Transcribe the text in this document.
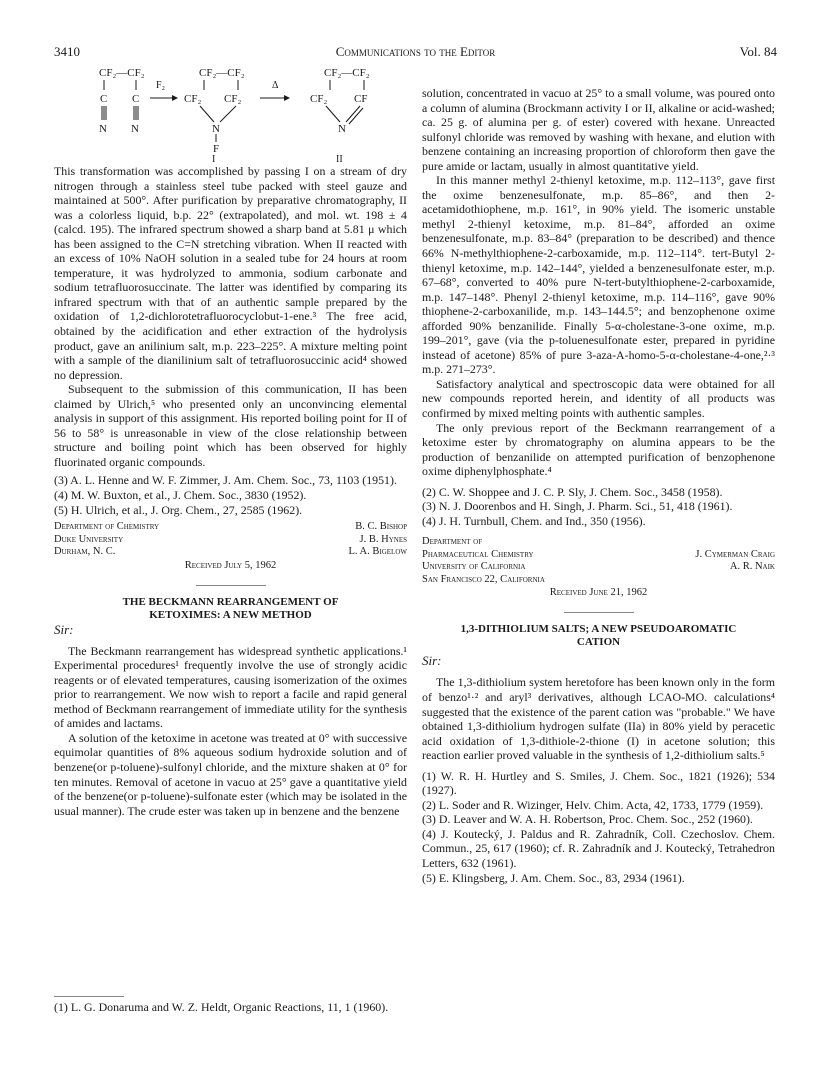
3410	Communications to the Editor	Vol. 84
CF₂—CF₂
C C
N N
F₂
CF₂—CF₂
CF₂ CF₂
N
F
I
Δ
CF₂—CF₂
CF₂ CF
N
II

This transformation was accomplished by passing I on a stream of dry nitrogen through a stainless steel tube packed with steel gauze and maintained at 500°. After purification by preparative chromatography, II was a colorless liquid, b.p. 22° (extrapolated), and mol. wt. 198 ± 4 (calcd. 195). The infrared spectrum showed a sharp band at 5.81 μ which has been assigned to the C=N stretching vibration. When II reacted with an excess of 10% NaOH solution in a sealed tube for 24 hours at room temperature, it was hydrolyzed to ammonia, sodium carbonate and sodium tetrafluorosuccinate. The latter was identified by comparing its infrared spectrum with that of an authentic sample prepared by the oxidation of 1,2-dichlorotetrafluorocyclobut-1-ene.³ The free acid, obtained by the acidification and ether extraction of the hydrolysis product, gave an anilinium salt, m.p. 223–225°. A mixture melting point with a sample of the dianilinium salt of tetrafluorosuccinic acid⁴ showed no depression.

Subsequent to the submission of this communication, II has been claimed by Ulrich,⁵ who presented only an unconvincing elemental analysis in support of this assignment. His reported boiling point for II of 56 to 58° is unreasonable in view of the close relationship between structure and boiling point which has been observed for highly fluorinated organic compounds.

(3) A. L. Henne and W. F. Zimmer, J. Am. Chem. Soc., 73, 1103 (1951).

(4) M. W. Buxton, et al., J. Chem. Soc., 3830 (1952).

(5) H. Ulrich, et al., J. Org. Chem., 27, 2585 (1962).

Department of Chemistry	B. C. Bishop
Duke University	J. B. Hynes
Durham, N. C.	L. A. Bigelow
Received July 5, 1962
THE BECKMANN REARRANGEMENT OF
KETOXIMES: A NEW METHOD
Sir:

The Beckmann rearrangement has widespread synthetic applications.¹ Experimental procedures¹ frequently involve the use of strongly acidic reagents or of elevated temperatures, causing isomerization of the oximes prior to rearrangement. We now wish to report a facile and rapid general method of Beckmann rearrangement of immediate utility for the synthesis of amides and lactams.

A solution of the ketoxime in acetone was treated at 0° with successive equimolar quantities of 8% aqueous sodium hydroxide solution and of benzene(or p-toluene)-sulfonyl chloride, and the mixture shaken at 0° for ten minutes. Removal of acetone in vacuo at 25° gave a quantitative yield of the benzene(or p-toluene)-sulfonate ester (which may be isolated in the usual manner). The crude ester was taken up in benzene and the benzene

(1) L. G. Donaruma and W. Z. Heldt, Organic Reactions, 11, 1 (1960).

solution, concentrated in vacuo at 25° to a small volume, was poured onto a column of alumina (Brockmann activity I or II, alkaline or acid-washed; ca. 25 g. of alumina per g. of ester) covered with hexane. Unreacted sulfonyl chloride was removed by washing with hexane, and elution with benzene containing an increasing proportion of chloroform then gave the pure amide or lactam, usually in almost quantitative yield.

In this manner methyl 2-thienyl ketoxime, m.p. 112–113°, gave first the oxime benzenesulfonate, m.p. 85–86°, and then 2-acetamidothiophene, m.p. 161°, in 90% yield. The isomeric unstable methyl 2-thienyl ketoxime, m.p. 81–84°, afforded an oxime benzenesulfonate, m.p. 83–84° (preparation to be described) and thence 66% N-methylthiophene-2-carboxamide, m.p. 112–114°. tert-Butyl 2-thienyl ketoxime, m.p. 142–144°, yielded a benzenesulfonate ester, m.p. 67–68°, converted to 40% pure N-tert-butylthiophene-2-carboxamide, m.p. 147–148°. Phenyl 2-thienyl ketoxime, m.p. 114–116°, gave 90% thiophene-2-carboxanilide, m.p. 143–144.5°; and benzophenone oxime afforded 90% benzanilide. Finally 5-α-cholestane-3-one oxime, m.p. 199–201°, gave (via the p-toluenesulfonate ester, prepared in pyridine instead of acetone) 85% of pure 3-aza-A-homo-5-α-cholestane-4-one,²·³ m.p. 271–273°.

Satisfactory analytical and spectroscopic data were obtained for all new compounds reported herein, and identity of all products was confirmed by mixed melting points with authentic samples.

The only previous report of the Beckmann rearrangement of a ketoxime ester by chromatography on alumina appears to be the production of benzanilide on attempted purification of benzophenone oxime diphenylphosphate.⁴

(2) C. W. Shoppee and J. C. P. Sly, J. Chem. Soc., 3458 (1958).

(3) N. J. Doorenbos and H. Singh, J. Pharm. Sci., 51, 418 (1961).

(4) J. H. Turnbull, Chem. and Ind., 350 (1956).

Department of
Pharmaceutical Chemistry	J. Cymerman Craig
University of California	A. R. Naik
San Francisco 22, California
Received June 21, 1962
1,3-DITHIOLIUM SALTS; A NEW PSEUDOAROMATIC
CATION
Sir:

The 1,3-dithiolium system heretofore has been known only in the form of benzo¹·² and aryl³ derivatives, although LCAO-MO. calculations⁴ suggested that the existence of the parent cation was "probable." We have obtained 1,3-dithiolium hydrogen sulfate (IIa) in 80% yield by peracetic acid oxidation of 1,3-dithiole-2-thione (I) in acetone solution; this reaction earlier proved valuable in the synthesis of 1,2-dithiolium salts.⁵

(1) W. R. H. Hurtley and S. Smiles, J. Chem. Soc., 1821 (1926); 534 (1927).

(2) L. Soder and R. Wizinger, Helv. Chim. Acta, 42, 1733, 1779 (1959).

(3) D. Leaver and W. A. H. Robertson, Proc. Chem. Soc., 252 (1960).

(4) J. Koutecký, J. Paldus and R. Zahradník, Coll. Czechoslov. Chem. Commun., 25, 617 (1960); cf. R. Zahradník and J. Koutecký, Tetrahedron Letters, 632 (1961).

(5) E. Klingsberg, J. Am. Chem. Soc., 83, 2934 (1961).
